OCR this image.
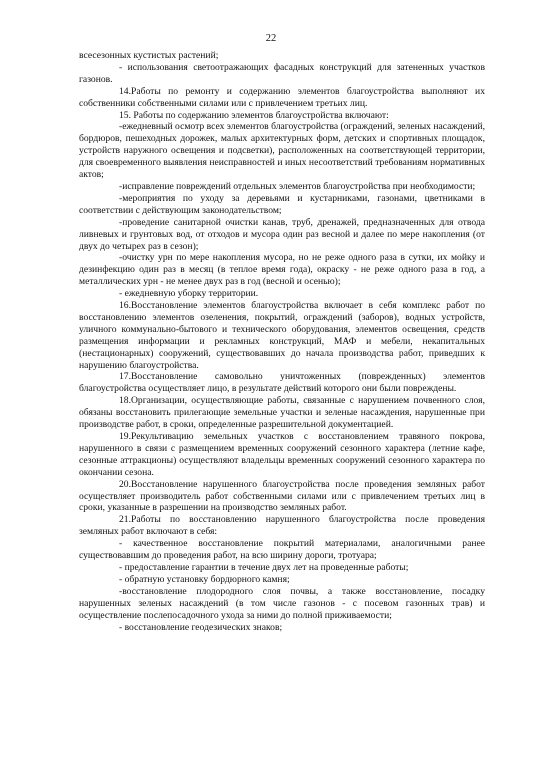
22

всесезонных кустистых растений;

- использования светоотражающих фасадных конструкций для затененных участков газонов.

14.Работы по ремонту и содержанию элементов благоустройства выполняют их собственники собственными силами или с привлечением третьих лиц.

15. Работы по содержанию элементов благоустройства включают:

-ежедневный осмотр всех элементов благоустройства (ограждений, зеленых насаждений, бордюров, пешеходных дорожек, малых архитектурных форм, детских и спортивных площадок, устройств наружного освещения и подсветки), расположенных на соответствующей территории, для своевременного выявления неисправностей и иных несоответствий требованиям нормативных актов;

-исправление повреждений отдельных элементов благоустройства при необходимости;

-мероприятия по уходу за деревьями и кустарниками, газонами, цветниками в соответствии с действующим законодательством;

-проведение санитарной очистки канав, труб, дренажей, предназначенных для отвода ливневых и грунтовых вод, от отходов и мусора один раз весной и далее по мере накопления (от двух до четырех раз в сезон);

-очистку урн по мере накопления мусора, но не реже одного раза в сутки, их мойку и дезинфекцию один раз в месяц (в теплое время года), окраску - не реже одного раза в год, а металлических урн - не менее двух раз в год (весной и осенью);

- ежедневную уборку территории.

16.Восстановление элементов благоустройства включает в себя комплекс работ по восстановлению элементов озеленения, покрытий, ограждений (заборов), водных устройств, уличного коммунально-бытового и технического оборудования, элементов освещения, средств размещения информации и рекламных конструкций, МАФ и мебели, некапитальных (нестационарных) сооружений, существовавших до начала производства работ, приведших к нарушению благоустройства.

17.Восстановление самовольно уничтоженных (поврежденных) элементов благоустройства осуществляет лицо, в результате действий которого они были повреждены.

18.Организации, осуществляющие работы, связанные с нарушением почвенного слоя, обязаны восстановить прилегающие земельные участки и зеленые насаждения, нарушенные при производстве работ, в сроки, определенные разрешительной документацией.

19.Рекультивацию земельных участков с восстановлением травяного покрова, нарушенного в связи с размещением временных сооружений сезонного характера (летние кафе, сезонные аттракционы) осуществляют владельцы временных сооружений сезонного характера по окончании сезона.

20.Восстановление нарушенного благоустройства после проведения земляных работ осуществляет производитель работ собственными силами или с привлечением третьих лиц в сроки, указанные в разрешении на производство земляных работ.

21.Работы по восстановлению нарушенного благоустройства после проведения земляных работ включают в себя:

- качественное восстановление покрытий материалами, аналогичными ранее существовавшим до проведения работ, на всю ширину дороги, тротуара;

- предоставление гарантии в течение двух лет на проведенные работы;

- обратную установку бордюрного камня;

-восстановление плодородного слоя почвы, а также восстановление, посадку нарушенных зеленых насаждений (в том числе газонов - с посевом газонных трав) и осуществление послепосадочного ухода за ними до полной приживаемости;

- восстановление геодезических знаков;
